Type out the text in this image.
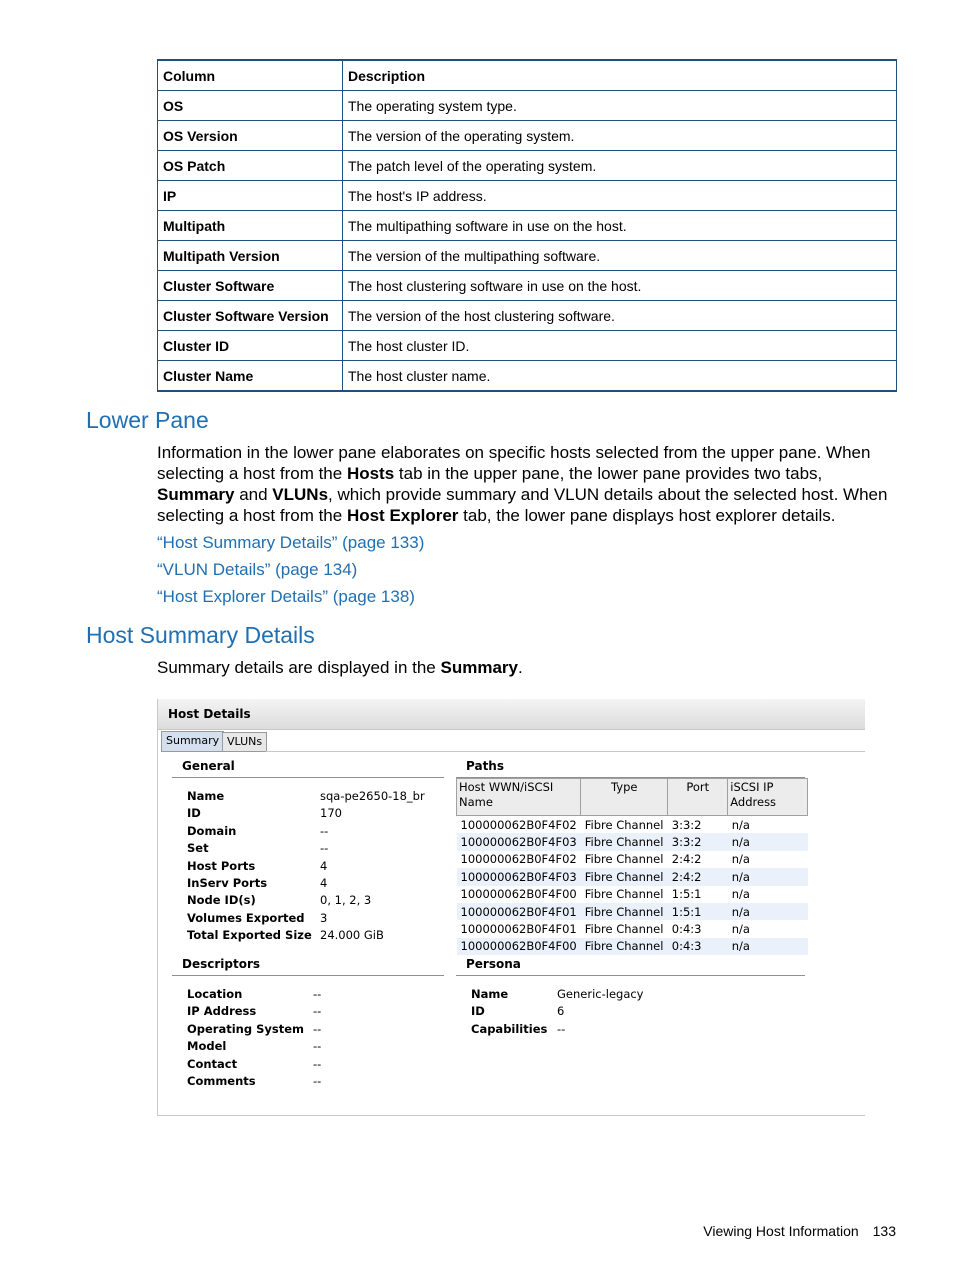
Column	Description
OS	The operating system type.
OS Version	The version of the operating system.
OS Patch	The patch level of the operating system.
IP	The host's IP address.
Multipath	The multipathing software in use on the host.
Multipath Version	The version of the multipathing software.
Cluster Software	The host clustering software in use on the host.
Cluster Software Version	The version of the host clustering software.
Cluster ID	The host cluster ID.
Cluster Name	The host cluster name.
Lower Pane

Information in the lower pane elaborates on specific hosts selected from the upper pane. When selecting a host from the Hosts tab in the upper pane, the lower pane provides two tabs, Summary and VLUNs, which provide summary and VLUN details about the selected host. When selecting a host from the Host Explorer tab, the lower pane displays host explorer details.

“Host Summary Details” (page 133)
“VLUN Details” (page 134)
“Host Explorer Details” (page 138)
Host Summary Details

Summary details are displayed in the Summary.

Host Details
Summary VLUNs
General
Name	sqa-pe2650-18_br
ID	170
Domain	--
Set	--
Host Ports	4
InServ Ports	4
Node ID(s)	0, 1, 2, 3
Volumes Exported 3
Total Exported Size 24.000 GiB
Paths
Host WWN/iSCSI Name	Type	Port	iSCSI IP Address
100000062B0F4F02	Fibre Channel	3:3:2	n/a
100000062B0F4F03	Fibre Channel	3:3:2	n/a
100000062B0F4F02	Fibre Channel	2:4:2	n/a
100000062B0F4F03	Fibre Channel	2:4:2	n/a
100000062B0F4F00	Fibre Channel	1:5:1	n/a
100000062B0F4F01	Fibre Channel	1:5:1	n/a
100000062B0F4F01	Fibre Channel	0:4:3	n/a
100000062B0F4F00	Fibre Channel	0:4:3	n/a
Descriptors
Location	--
IP Address	--
Operating System --
Model	--
Contact	--
Comments	--
Persona
Name	Generic-legacy
ID	6
Capabilities --
Viewing Host Information 133
